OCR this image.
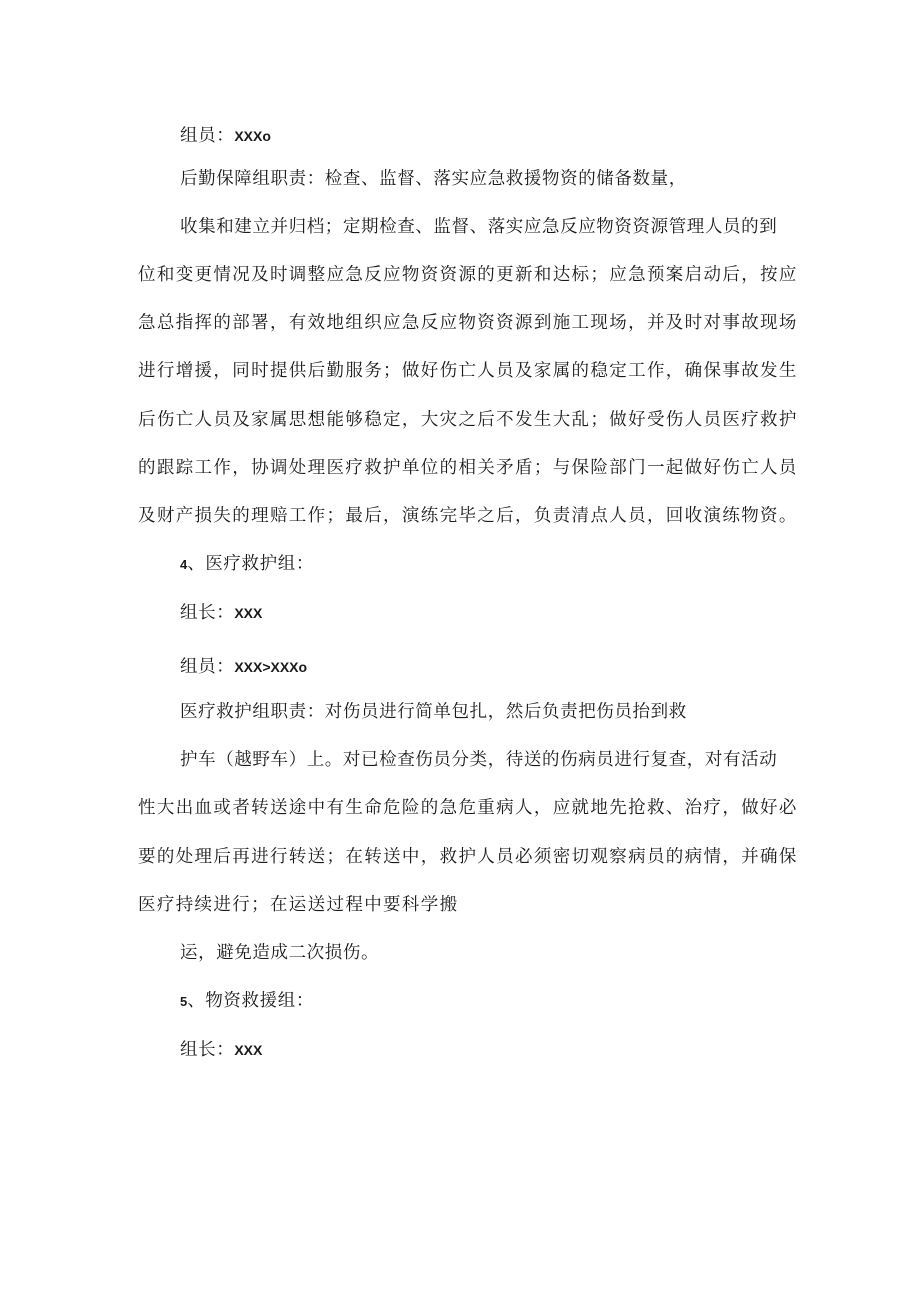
组员：XXXo
后勤保障组职责：检查、监督、落实应急救援物资的储备数量，
收集和建立并归档；定期检查、监督、落实应急反应物资资源管理人员的到
位和变更情况及时调整应急反应物资资源的更新和达标；应急预案启动后，按应
急总指挥的部署，有效地组织应急反应物资资源到施工现场，并及时对事故现场
进行增援，同时提供后勤服务；做好伤亡人员及家属的稳定工作，确保事故发生
后伤亡人员及家属思想能够稳定，大灾之后不发生大乱；做好受伤人员医疗救护
的跟踪工作，协调处理医疗救护单位的相关矛盾；与保险部门一起做好伤亡人员
及财产损失的理赔工作；最后，演练完毕之后，负责清点人员，回收演练物资。
4、医疗救护组：
组长：XXX
组员：XXX>XXXo
医疗救护组职责：对伤员进行简单包扎，然后负责把伤员抬到救
护车（越野车）上。对已检查伤员分类，待送的伤病员进行复查，对有活动
性大出血或者转送途中有生命危险的急危重病人，应就地先抢救、治疗，做好必
要的处理后再进行转送；在转送中，救护人员必须密切观察病员的病情，并确保
医疗持续进行；在运送过程中要科学搬
运，避免造成二次损伤。
5、物资救援组：
组长：XXX
